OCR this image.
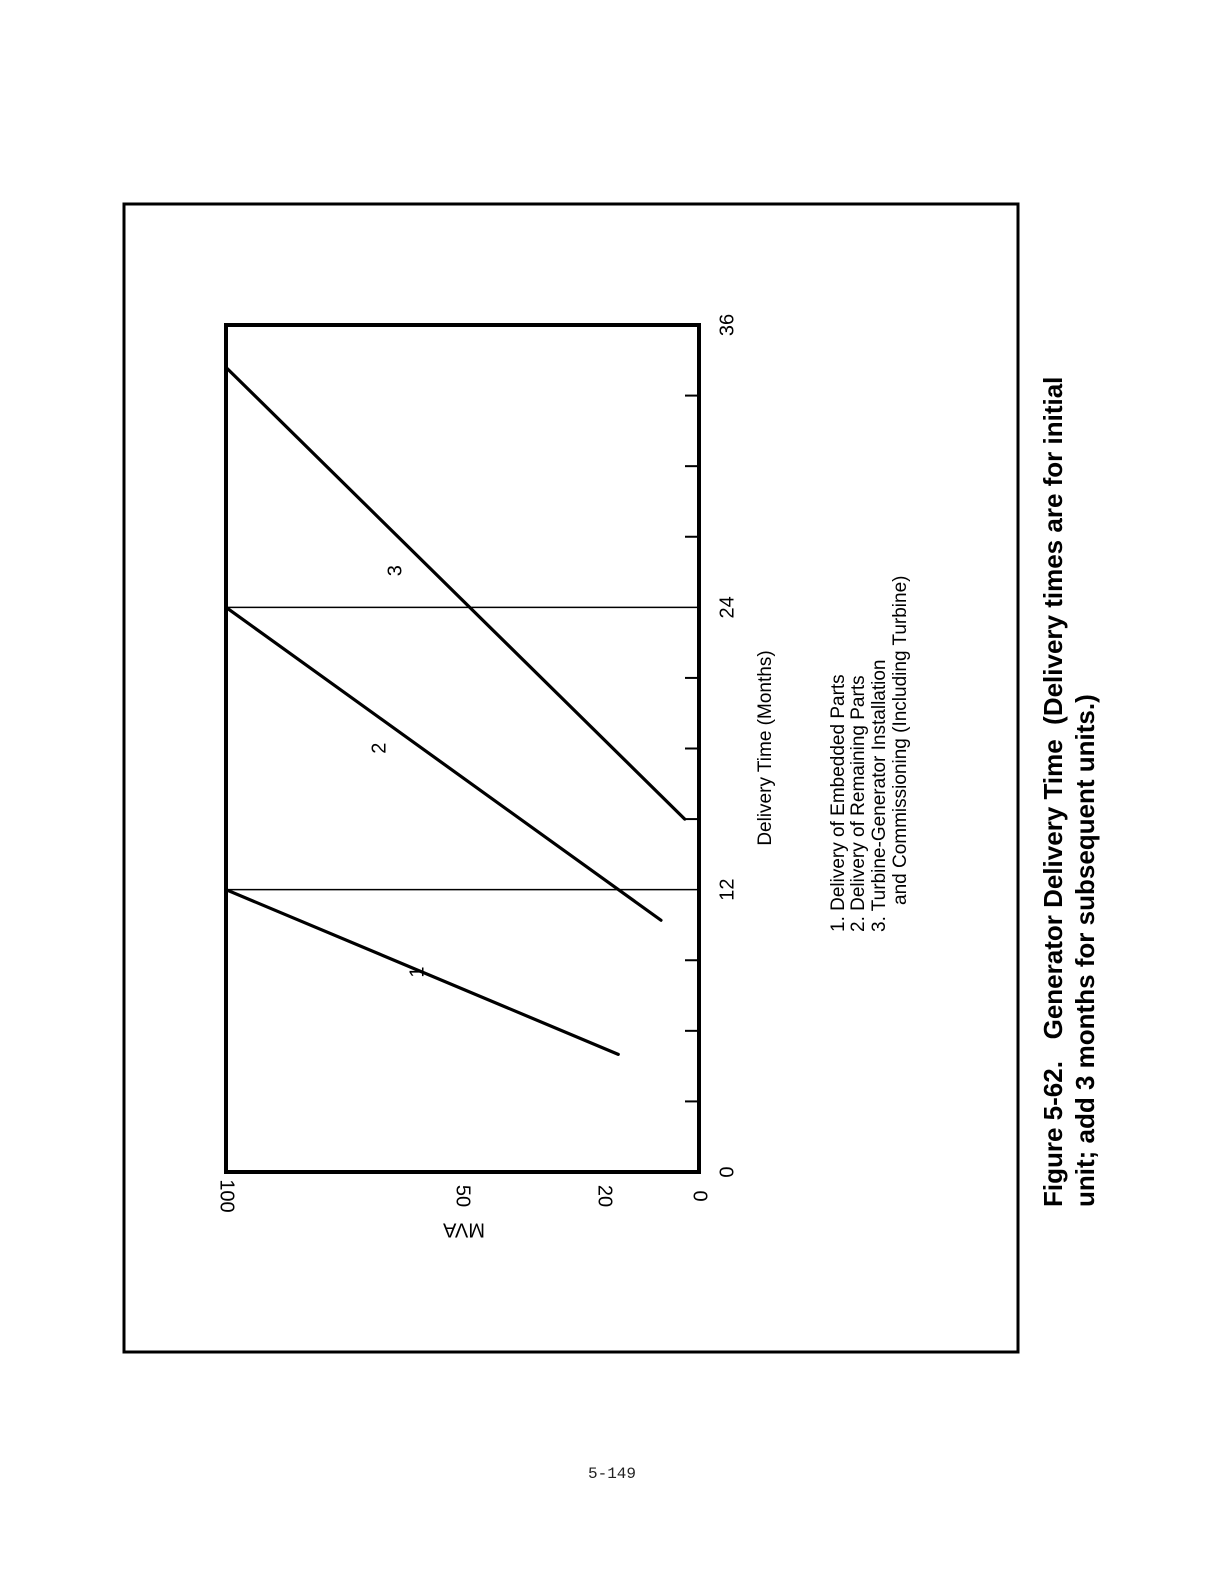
1
2
3
0
12
24
36
0
20
50
100
MVA
Delivery Time (Months)	1. Delivery of Embedded Parts 2. Delivery of Remaining Parts 3. Turbine-Generator Installation and Commissioning (Including Turbine)	Figure 5-62.   Generator Delivery Time  (Delivery times are for initial unit; add 3 months for subsequent units.)
5-149
